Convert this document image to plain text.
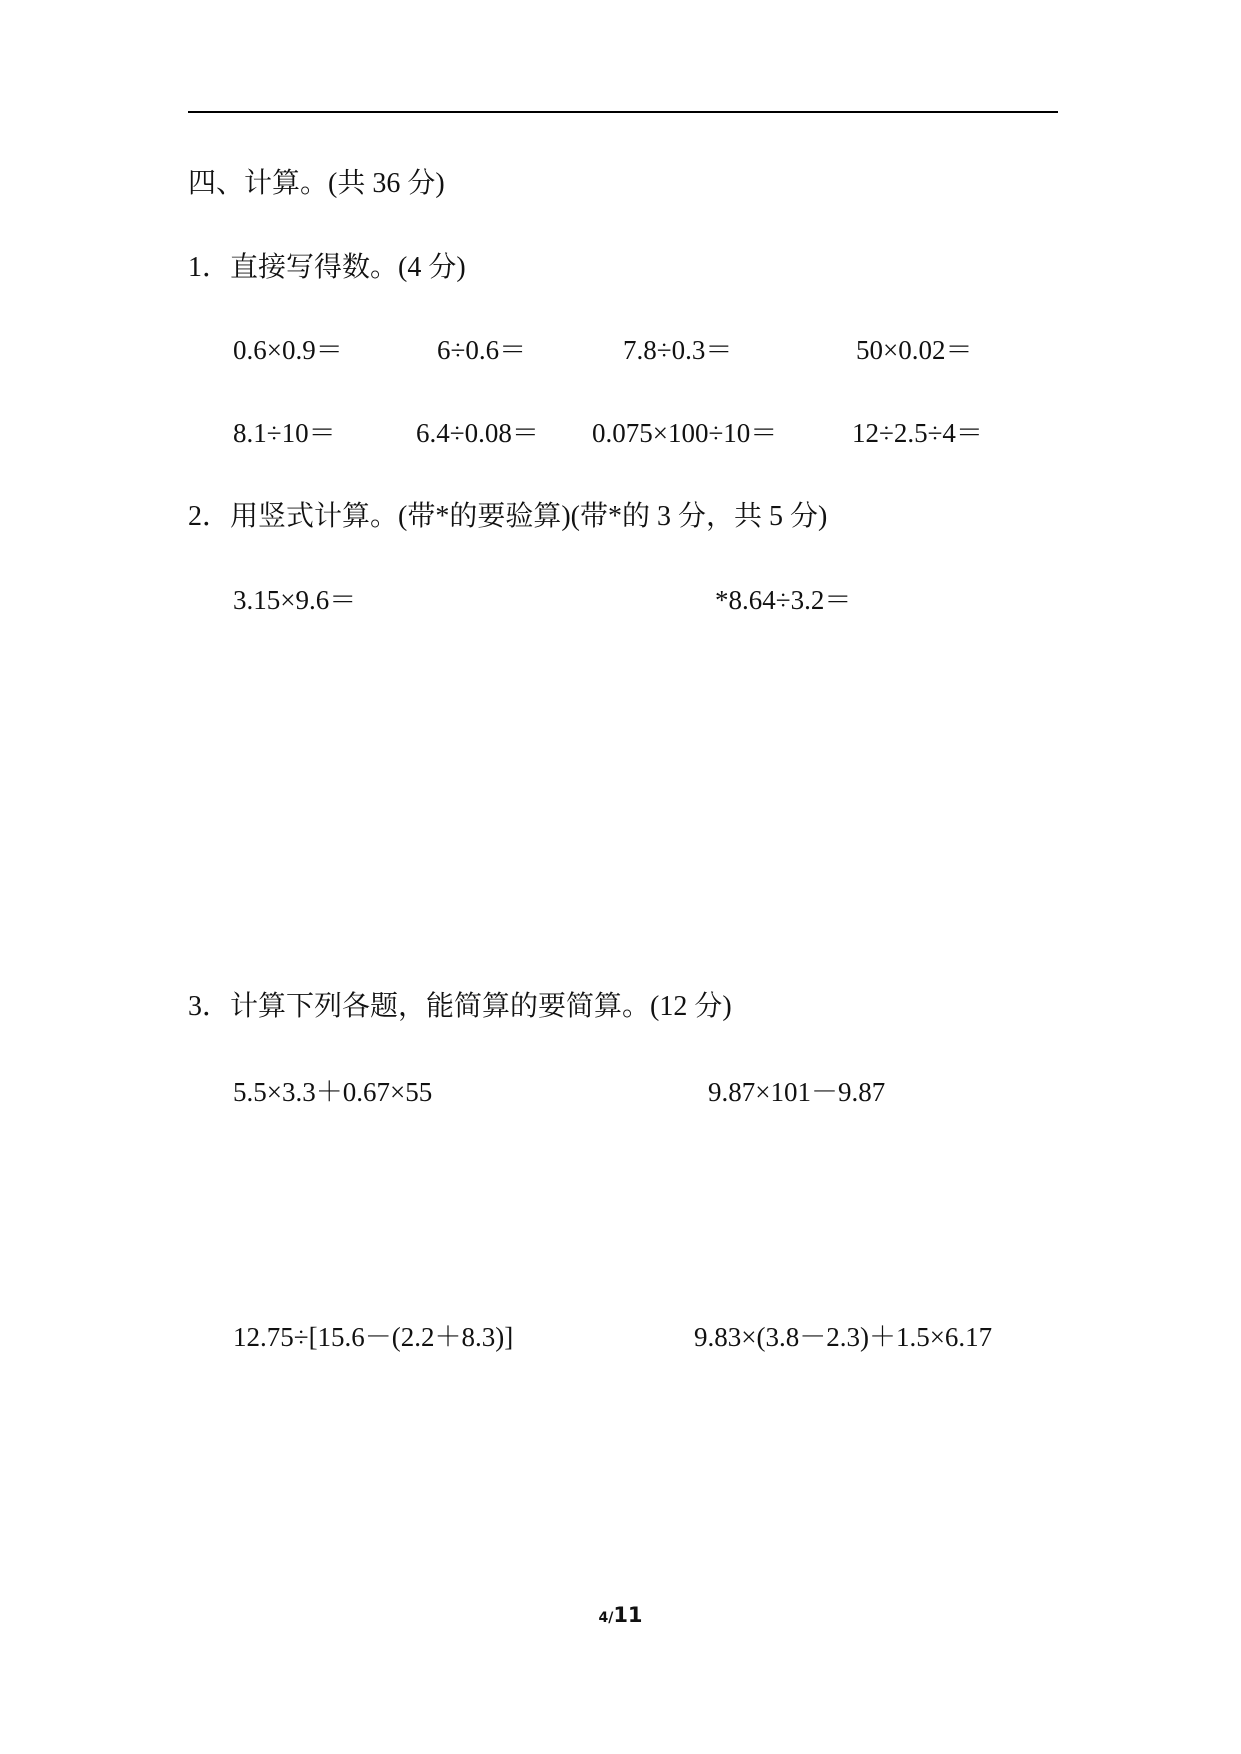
四、计算。(共 36 分)
1．直接写得数。(4 分)
0.6×0.9＝	6÷0.6＝	7.8÷0.3＝	50×0.02＝
8.1÷10＝	6.4÷0.08＝ 0.075×100÷10＝	12÷2.5÷4＝
2．用竖式计算。(带*的要验算)(带*的 3 分，共 5 分)
3.15×9.6＝	*8.64÷3.2＝
3．计算下列各题，能简算的要简算。(12 分)
5.5×3.3＋0.67×55	9.87×101－9.87
12.75÷[15.6－(2.2＋8.3)]	9.83×(3.8－2.3)＋1.5×6.17
4/11
